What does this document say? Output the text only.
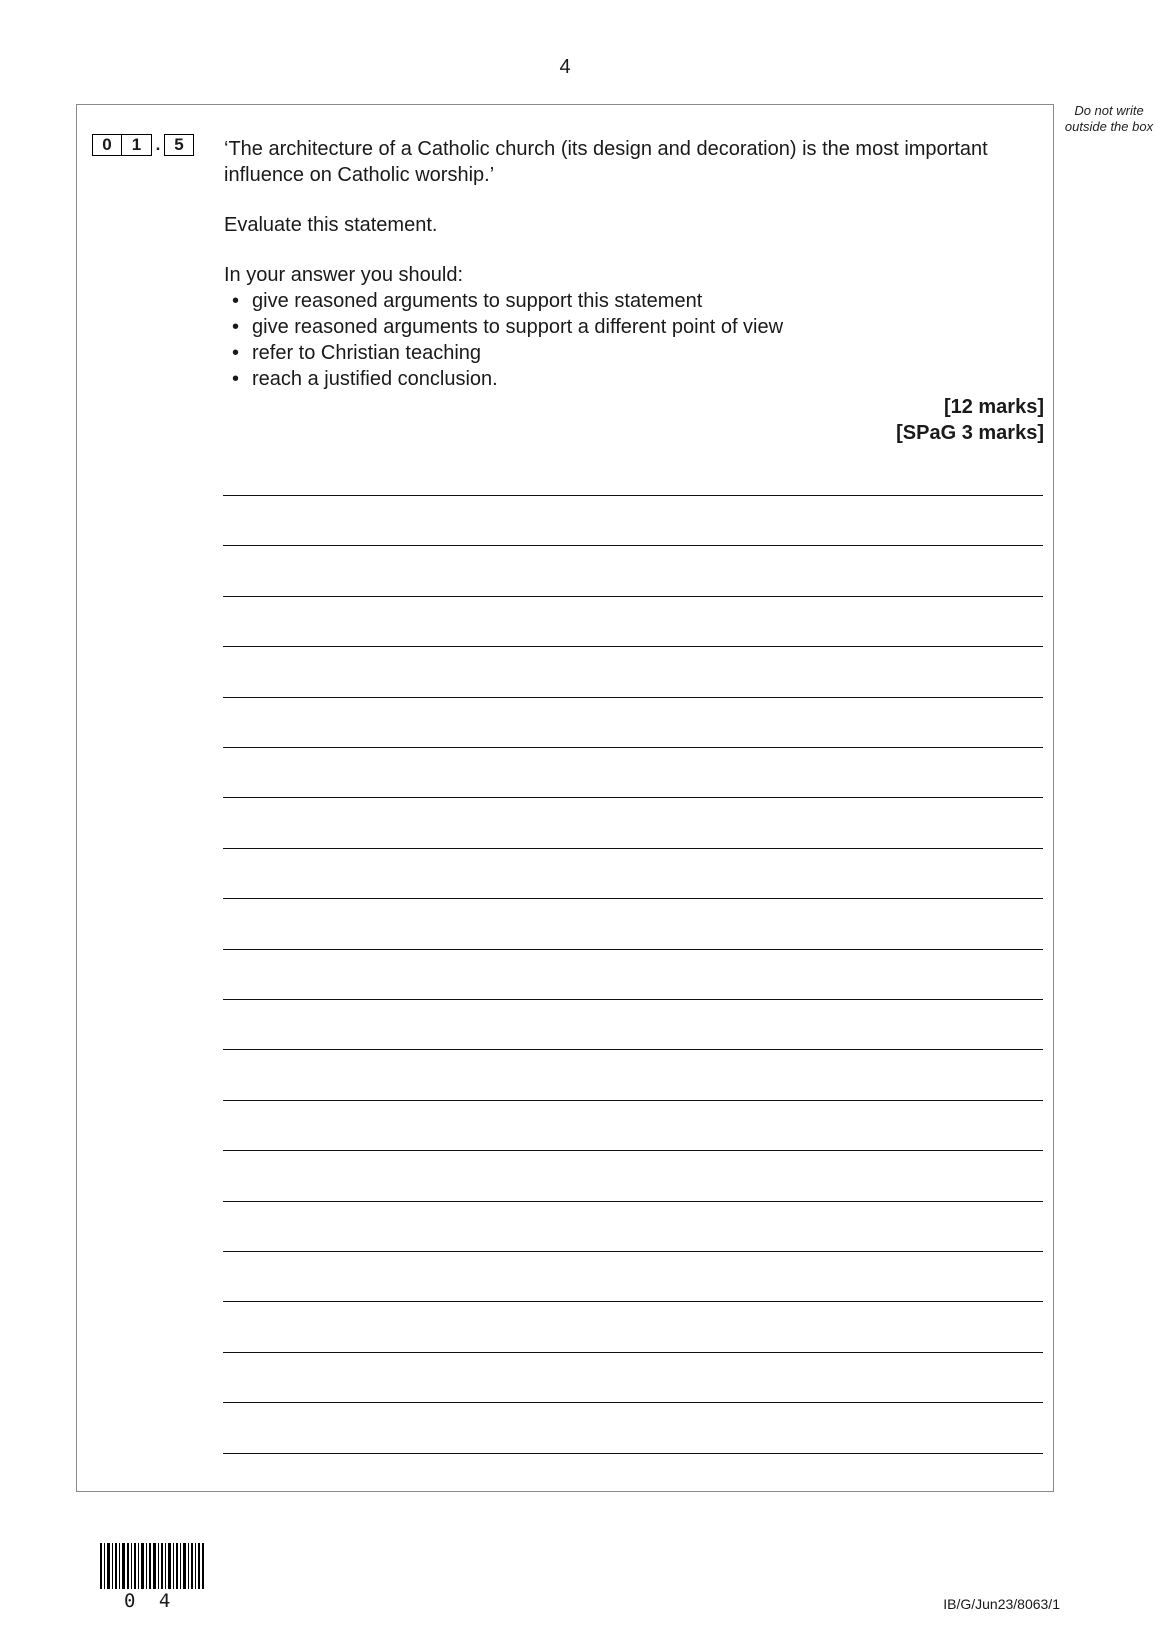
4
Do not write outside the box
0	1 . 5	‘The architecture of a Catholic church (its design and decoration) is the most important influence on Catholic worship.’

Evaluate this statement.

In your answer you should:

• give reasoned arguments to support this statement
• give reasoned arguments to support a different point of view
• refer to Christian teaching
• reach a justified conclusion.
[12 marks]
[SPaG 3 marks]
0 4	IB/G/Jun23/8063/1
